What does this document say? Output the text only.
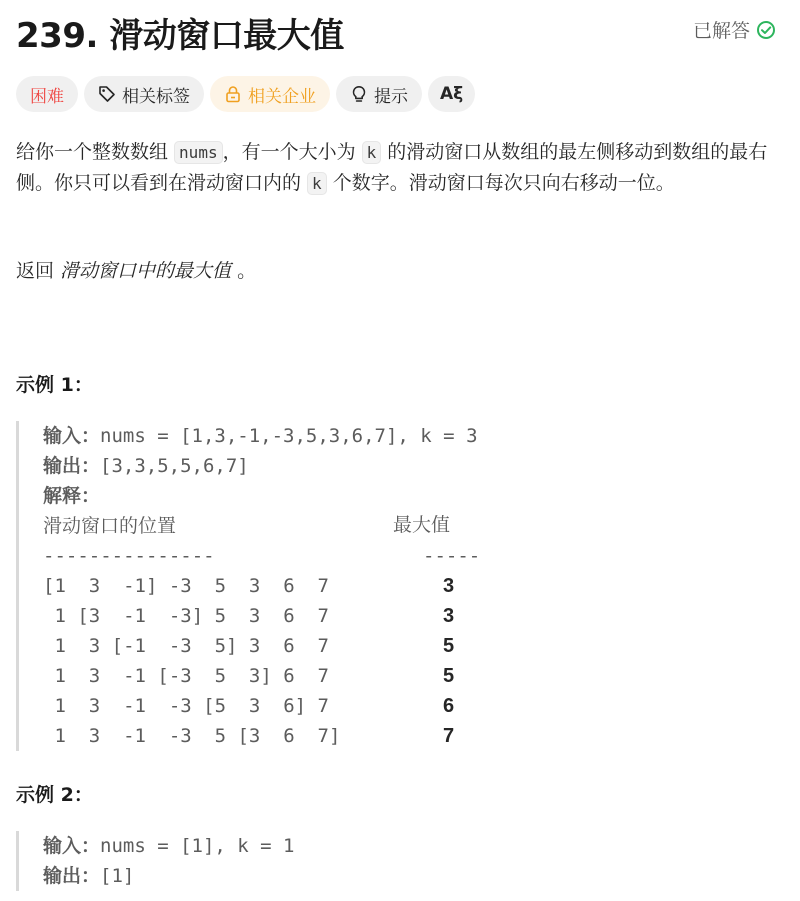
239. 滑动窗口最大值	已解答
困难	相关标签	相关企业	提示 Aξ
给你一个整数数组 nums ，有一个大小为 k 的滑动窗口从数组的最左侧移动到数组的最右侧。你只可以看到在滑动窗口内的 k 个数字。滑动窗口每次只向右移动一位。
返回 滑动窗口中的最大值 。
示例 1：
输入：nums = [1,3,-1,-3,5,3,6,7], k = 3
输出：[3,3,5,5,6,7]
解释：
滑动窗口的位置	最大值
---------------	-----
[1  3  -1] -3  5  3  6  7	3
1 [3  -1  -3] 5  3  6  7	3
1  3 [-1  -3  5] 3  6  7	5
1  3  -1 [-3  5  3] 6  7	5
1  3  -1  -3 [5  3  6] 7	6
1  3  -1  -3  5 [3  6  7]	7
示例 2：
输入：nums = [1], k = 1
输出：[1]
